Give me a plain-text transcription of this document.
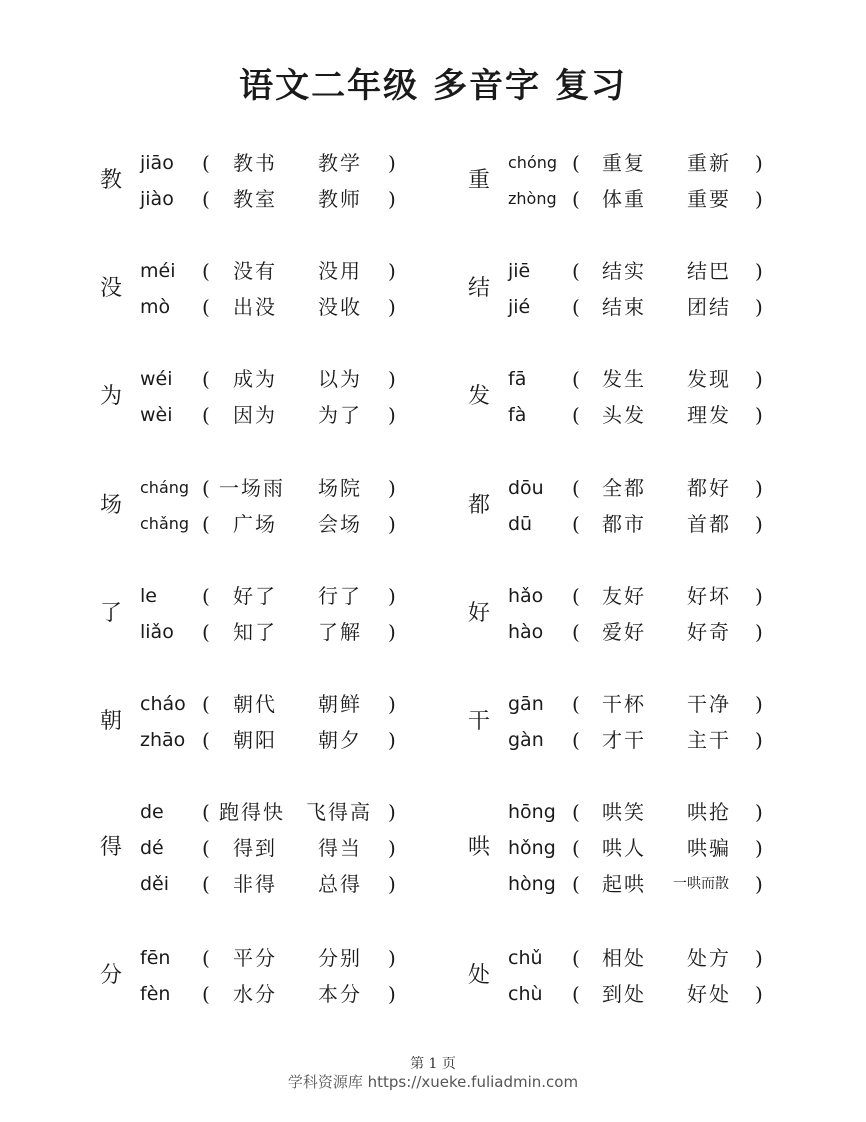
语文二年级 多音字 复习
教
jiāo ( 教书 教学 )
jiào ( 教室 教师 )
没
méi ( 没有 没用 )
mò ( 出没 没收 )
为
wéi ( 成为 以为 )
wèi ( 因为 为了 )
场
cháng ( 一场雨 场院 )
chǎng ( 广场 会场 )
了
le ( 好了 行了 )
liǎo ( 知了 了解 )
朝
cháo ( 朝代 朝鲜 )
zhāo ( 朝阳 朝夕 )
得
de ( 跑得快 飞得高 )
dé ( 得到 得当 )
děi ( 非得 总得 )
分
fēn ( 平分 分别 )
fèn ( 水分 本分 )
重
chóng ( 重复 重新 )
zhòng ( 体重 重要 )
结
jiē ( 结实 结巴 )
jié ( 结束 团结 )
发
fā ( 发生 发现 )
fà ( 头发 理发 )
都
dōu ( 全都 都好 )
dū ( 都市 首都 )
好
hǎo ( 友好 好坏 )
hào ( 爱好 好奇 )
干
gān ( 干杯 干净 )
gàn ( 才干 主干 )
哄
hōng ( 哄笑 哄抢 )
hǒng ( 哄人 哄骗 )
hòng ( 起哄 一哄而散 )
处
chǔ ( 相处 处方 )
chù ( 到处 好处 )
第 1 页
学科资源库 https://xueke.fuliadmin.com
